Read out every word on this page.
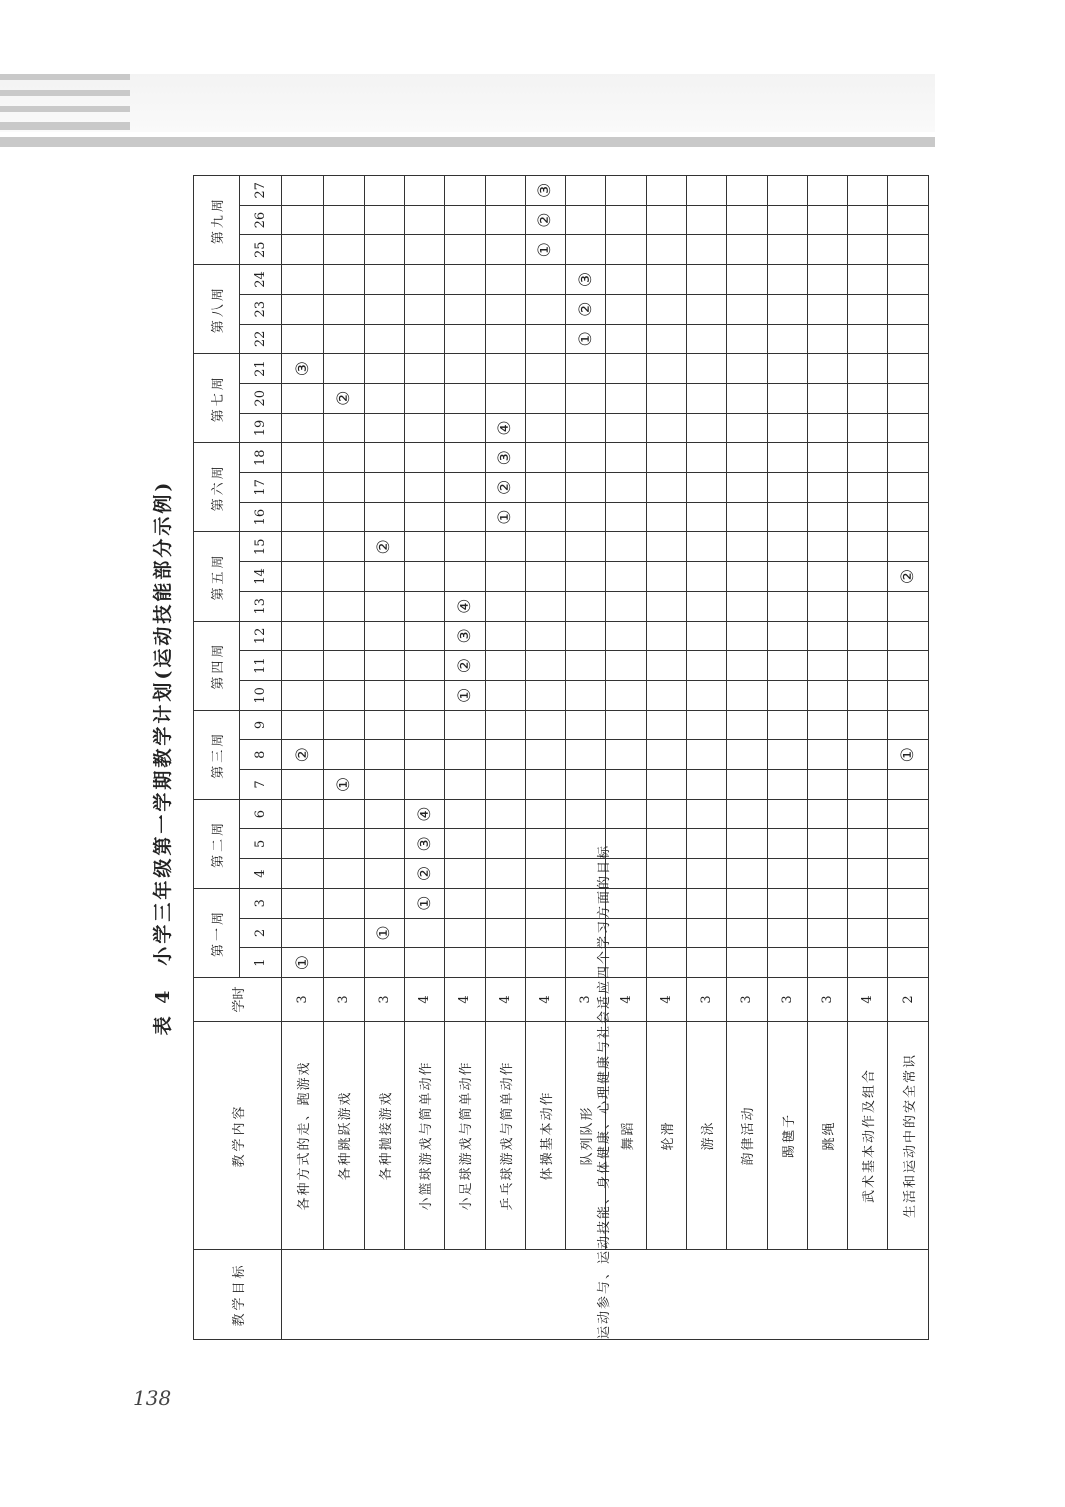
表 4　小学三年级第一学期教学计划(运动技能部分示例)
教学目标	教学内容	学时	第一周			第二周			第三周			第四周			第五周			第六周			第七周			第八周			第九周		
			1	2	3	4	5	6	7	8	9	10	11	12	13	14	15	16	17	18	19	20	21	22	23	24	25	26	27
运动参与、运动技能、身体健康、心理健康与社会适应四个学习方面的目标	各种方式的走、跑游戏	3	①							②													③						
	各种跳跃游戏	3							①													②							
	各种抛接游戏	3		①													②												
	小篮球游戏与简单动作	4			①	②	③	④																					
	小足球游戏与简单动作	4										①	②	③	④														
	乒乓球游戏与简单动作	4																①	②	③	④								
	体操基本动作	4																									①	②	③
	队列队形	3																						①	②	③			
	舞蹈	4																											
	轮滑	4																											
	游泳	3																											
	韵律活动	3																											
	踢毽子	3																											
	跳绳	3																											
	武术基本动作及组合	4																											
	生活和运动中的安全常识	2								①						②													
138
